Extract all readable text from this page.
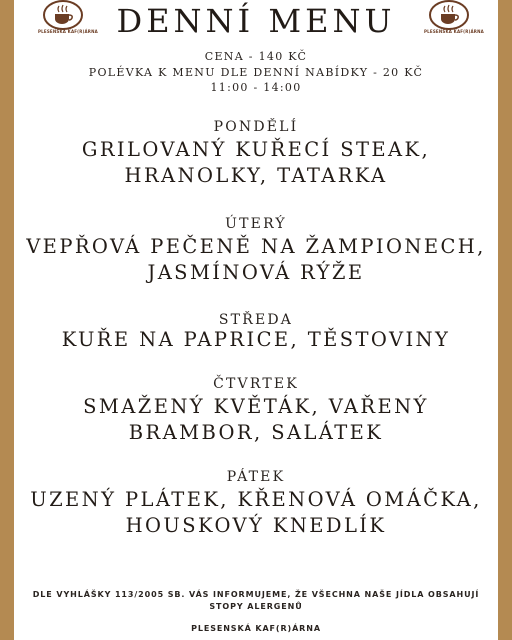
PLESENSKÁ KAF(R)ÁRNA	PLESENSKÁ KAF(R)ÁRNA
DENNÍ MENU
CENA - 140 KČ
POLÉVKA K MENU DLE DENNÍ NABÍDKY - 20 KČ
11:00 - 14:00
PONDĚLÍ
GRILOVANÝ KUŘECÍ STEAK,
HRANOLKY, TATARKA
ÚTERÝ
VEPŘOVÁ PEČENĚ NA ŽAMPIONECH,
JASMÍNOVÁ RÝŽE
STŘEDA
KUŘE NA PAPRICE, TĚSTOVINY
ČTVRTEK
SMAŽENÝ KVĚTÁK, VAŘENÝ
BRAMBOR, SALÁTEK
PÁTEK
UZENÝ PLÁTEK, KŘENOVÁ OMÁČKA,
HOUSKOVÝ KNEDLÍK
DLE VYHLÁŠKY 113/2005 SB. VÁS INFORMUJEME, ŽE VŠECHNA NAŠE JÍDLA OBSAHUJÍ
STOPY ALERGENŮ
PLESENSKÁ KAF(R)ÁRNA
